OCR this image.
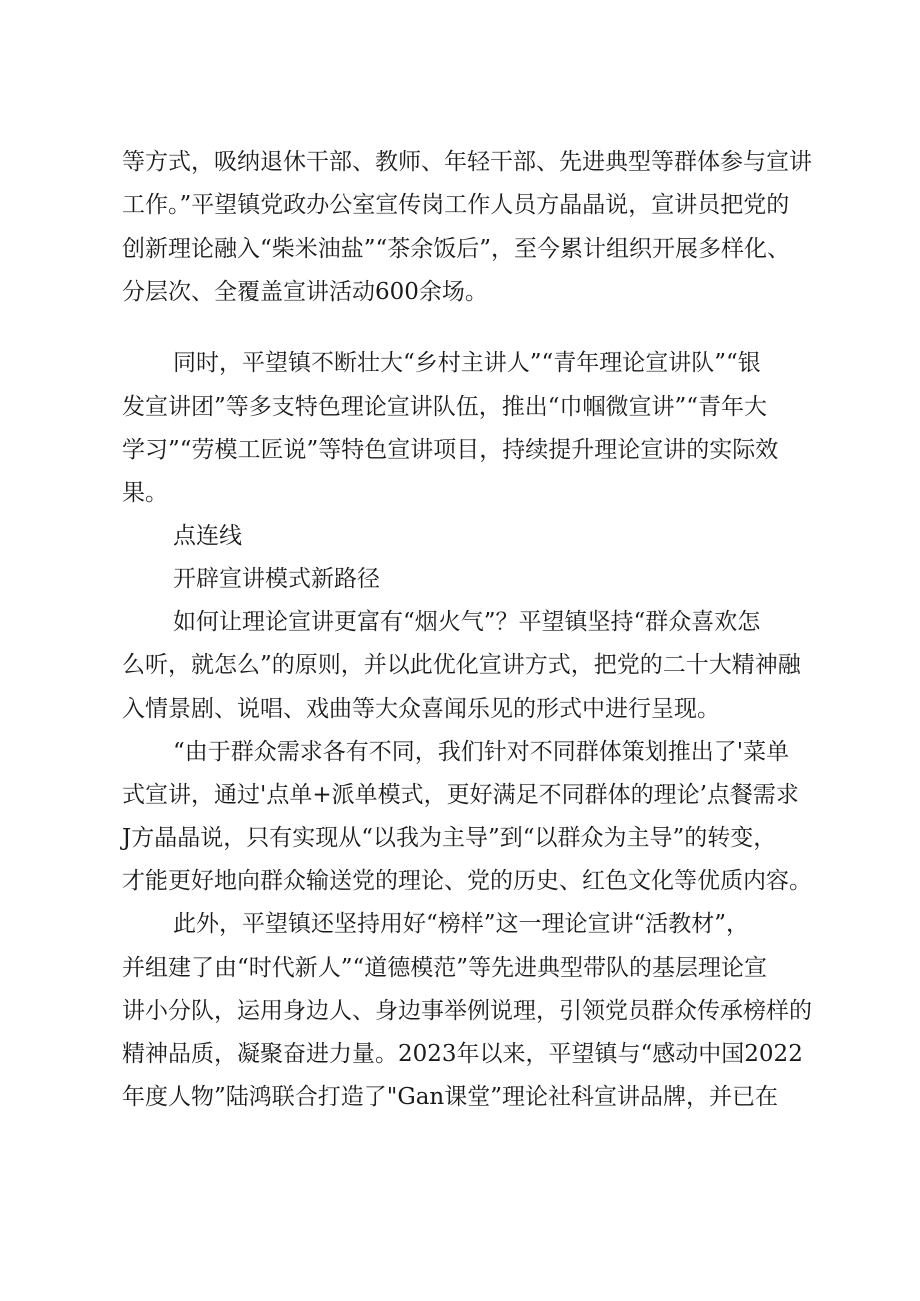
等方式，吸纳退休干部、教师、年轻干部、先进典型等群体参与宣讲

工作。”平望镇党政办公室宣传岗工作人员方晶晶说，宣讲员把党的

创新理论融入“柴米油盐”“茶余饭后”，至今累计组织开展多样化、

分层次、全覆盖宣讲活动600余场。

同时，平望镇不断壮大“乡村主讲人”“青年理论宣讲队”“银

发宣讲团”等多支特色理论宣讲队伍，推出“巾帼微宣讲”“青年大

学习”“劳模工匠说”等特色宣讲项目，持续提升理论宣讲的实际效

果。

点连线

开辟宣讲模式新路径

如何让理论宣讲更富有“烟火气”？平望镇坚持“群众喜欢怎

么听，就怎么”的原则，并以此优化宣讲方式，把党的二十大精神融

入情景剧、说唱、戏曲等大众喜闻乐见的形式中进行呈现。

“由于群众需求各有不同，我们针对不同群体策划推出了'菜单

式宣讲，通过'点单+派单模式，更好满足不同群体的理论’点餐需求

J方晶晶说，只有实现从“以我为主导”到“以群众为主导”的转变，

才能更好地向群众输送党的理论、党的历史、红色文化等优质内容。

此外，平望镇还坚持用好“榜样”这一理论宣讲“活教材”，

并组建了由“时代新人”“道德模范”等先进典型带队的基层理论宣

讲小分队，运用身边人、身边事举例说理，引领党员群众传承榜样的

精神品质，凝聚奋进力量。2023年以来，平望镇与“感动中国2022

年度人物”陆鸿联合打造了"Gan课堂”理论社科宣讲品牌，并已在
